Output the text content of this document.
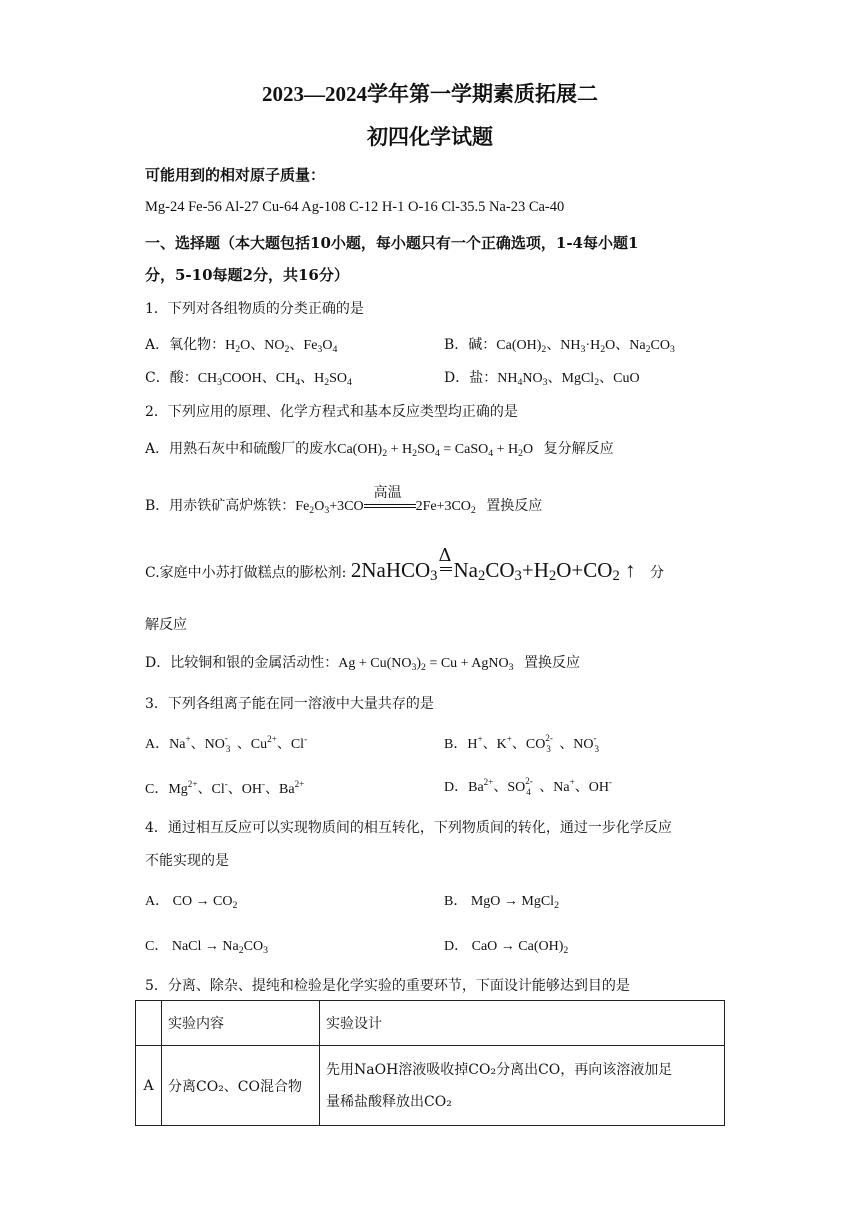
2023—2024学年第一学期素质拓展二
初四化学试题
可能用到的相对原子质量：
Mg-24 Fe-56 Al-27 Cu-64 Ag-108 C-12 H-1 O-16 Cl-35.5 Na-23 Ca-40
一、选择题（本大题包括10小题，每小题只有一个正确选项，1-4每小题1
分，5-10每题2分，共16分）
1．下列对各组物质的分类正确的是
A．氧化物：$H_2O$、$NO_2$、$Fe_3O_4$	B．碱：$Ca(OH)_2$、$NH_3\cdot H_2O$、$Na_2CO_3$
C．酸：$CH_3COOH$、$CH_4$、$H_2SO_4$	D．盐：$NH_4NO_3$、MgCl$_2$、CuO
2．下列应用的原理、化学方程式和基本反应类型均正确的是
A．用熟石灰中和硫酸厂的废水$Ca(OH)_2 + H_2SO_4$ = CaSO$_4$ + $H_2O$ 复分解反应
B．用赤铁矿高炉炼铁：$Fe_2O_3+3CO$
高温
$2Fe+3CO_2$ 置换反应
C.家庭中小苏打做糕点的膨松剂: 2NaHCO$_3$
Δ
$Na_2CO_3+H_2O+CO_2$ ↑ 分
解反应
D．比较铜和银的金属活动性：$Ag + Cu(NO_3)_2 = Cu$ + AgNO$_3$ 置换反应
3．下列各组离子能在同一溶液中大量共存的是
A．Na+、NO -
3 、$Cu^{2+}$、Cl-	B．H+、K+、CO 2-
3 、NO -
3
C．$Mg^{2+}$、Cl-、OH-、$Ba^{2+}$	D．$Ba^{2+}$、SO 2-
4 、Na+、OH-
4．通过相互反应可以实现物质间的相互转化，下列物质间的转化，通过一步化学反应
不能实现的是
A． CO → $CO_2$	B． MgO → MgCl$_2$
C． NaCl → $Na_2CO_3$	D． CaO → $Ca(OH)_2$
5．分离、除杂、提纯和检验是化学实验的重要环节，下面设计能够达到目的是
	实验内容	实验设计
A	分离CO₂、CO混合物	先用NaOH溶液吸收掉CO₂分离出CO，再向该溶液加足
量稀盐酸释放出CO₂
